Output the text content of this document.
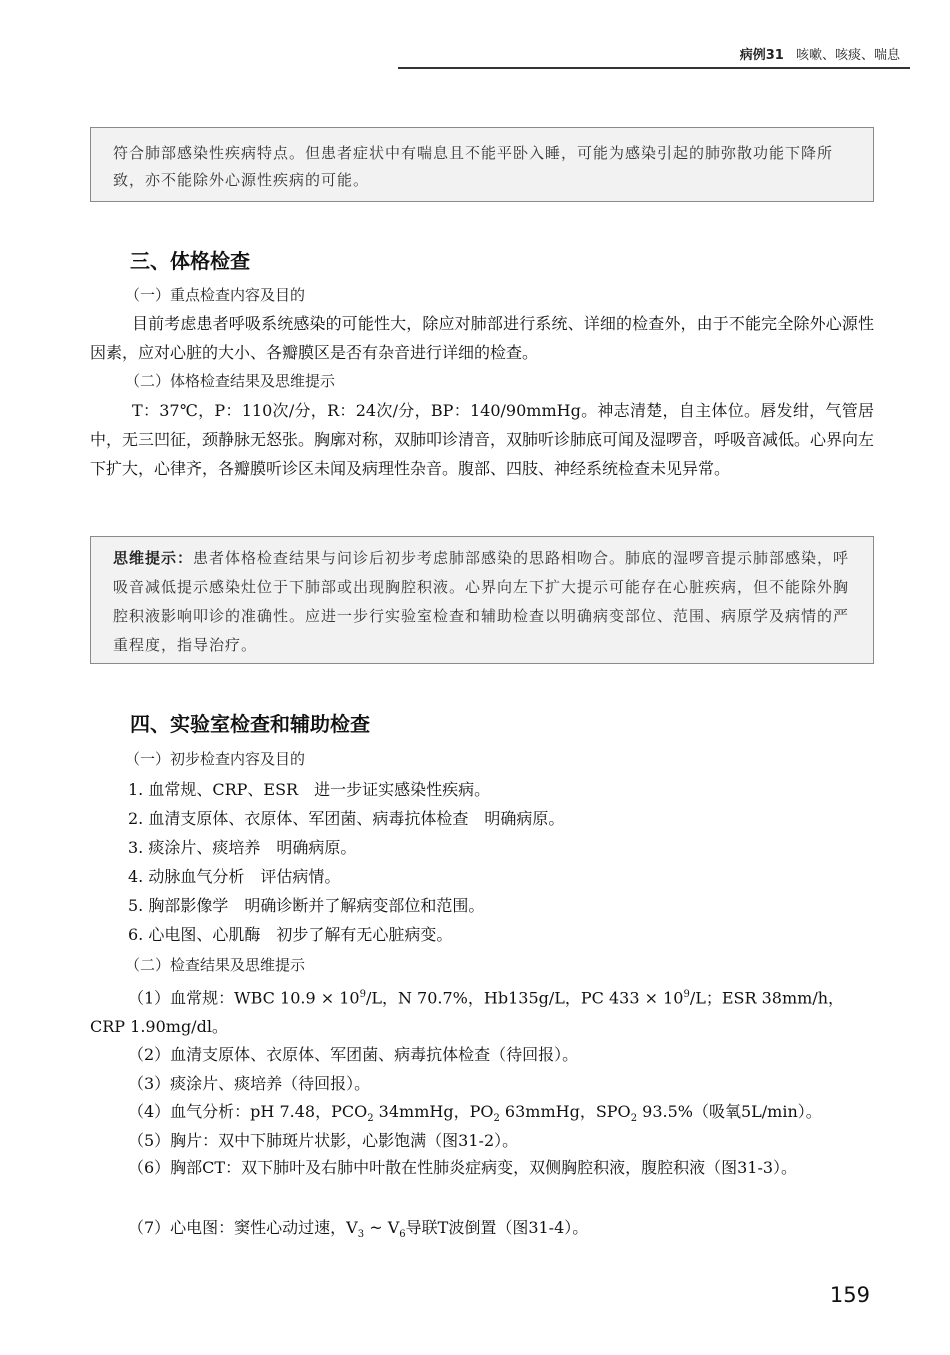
病例31 咳嗽、咳痰、喘息

符合肺部感染性疾病特点。但患者症状中有喘息且不能平卧入睡，可能为感染引起的肺弥散功能下降所致，亦不能除外心源性疾病的可能。

三、体格检查

（一）重点检查内容及目的

目前考虑患者呼吸系统感染的可能性大，除应对肺部进行系统、详细的检查外，由于不能完全除外心源性因素，应对心脏的大小、各瓣膜区是否有杂音进行详细的检查。

（二）体格检查结果及思维提示

T：37℃，P：110次/分，R：24次/分，BP：140/90mmHg。神志清楚，自主体位。唇发绀，气管居中，无三凹征，颈静脉无怒张。胸廓对称，双肺叩诊清音，双肺听诊肺底可闻及湿啰音，呼吸音减低。心界向左下扩大，心律齐，各瓣膜听诊区未闻及病理性杂音。腹部、四肢、神经系统检查未见异常。

思维提示：患者体格检查结果与问诊后初步考虑肺部感染的思路相吻合。肺底的湿啰音提示肺部感染，呼吸音减低提示感染灶位于下肺部或出现胸腔积液。心界向左下扩大提示可能存在心脏疾病，但不能除外胸腔积液影响叩诊的准确性。应进一步行实验室检查和辅助检查以明确病变部位、范围、病原学及病情的严重程度，指导治疗。

四、实验室检查和辅助检查

（一）初步检查内容及目的

1. 血常规、CRP、ESR　进一步证实感染性疾病。

2. 血清支原体、衣原体、军团菌、病毒抗体检查　明确病原。

3. 痰涂片、痰培养　明确病原。

4. 动脉血气分析　评估病情。

5. 胸部影像学　明确诊断并了解病变部位和范围。

6. 心电图、心肌酶　初步了解有无心脏病变。

（二）检查结果及思维提示

（1）血常规：WBC $10.9 \times 10^9/L$，N 70.7%，Hb135g/L，PC $433 \times 10^9/L$；ESR 38mm/h，CRP 1.90mg/dl。

（2）血清支原体、衣原体、军团菌、病毒抗体检查（待回报）。

（3）痰涂片、痰培养（待回报）。

（4）血气分析：pH 7.48，$PCO_2$ 34mmHg，$PO_2$ 63mmHg，$SPO_2$ 93.5%（吸氧5L/min）。

（5）胸片：双中下肺斑片状影，心影饱满（图31-2）。

（6）胸部CT：双下肺叶及右肺中叶散在性肺炎症病变，双侧胸腔积液，腹腔积液（图31-3）。

（7）心电图：窦性心动过速，$V_3$ ~ $V_6$导联T波倒置（图31-4）。

159
